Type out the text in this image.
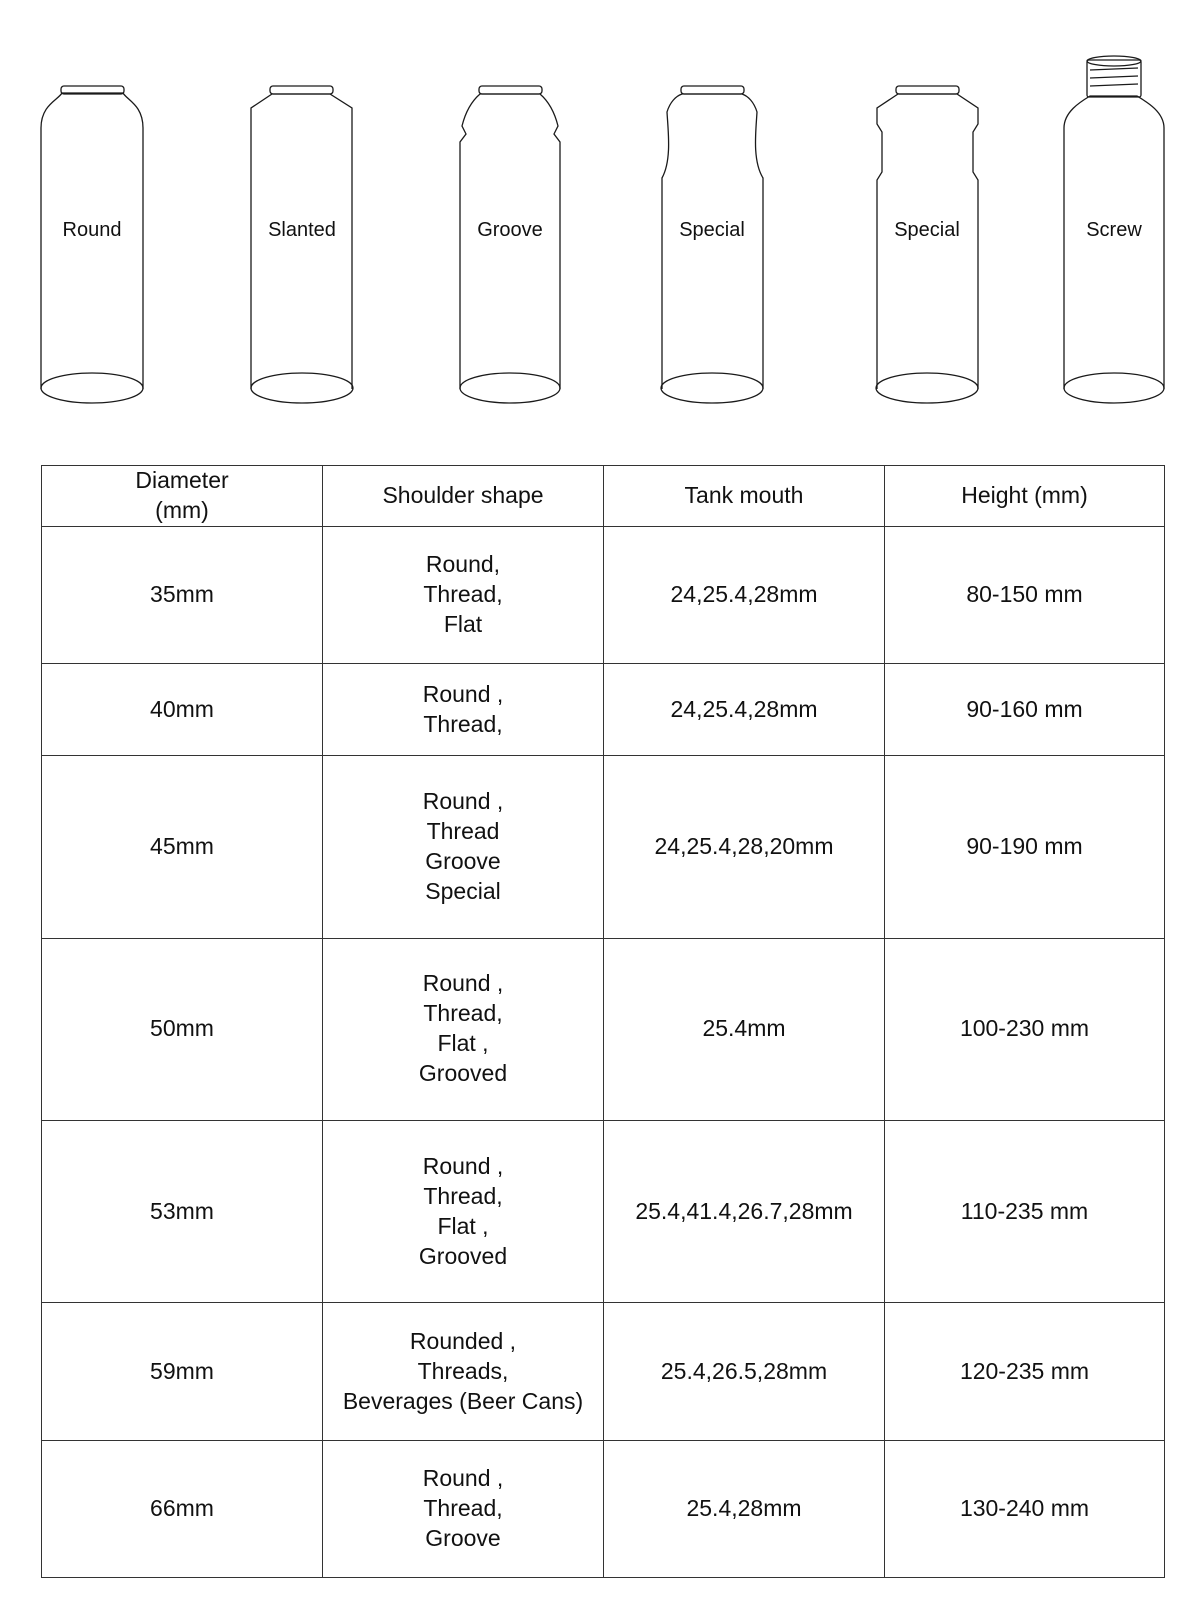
Round	Slanted	Groove	Special	Special	Screw
Diameter
(mm)	Shoulder shape	Tank mouth	Height (mm)
35mm	Round,
Thread,
Flat	24,25.4,28mm	80-150 mm
40mm	Round ,
Thread,	24,25.4,28mm	90-160 mm
45mm	Round ,
Thread
Groove
Special	24,25.4,28,20mm	90-190 mm
50mm	Round ,
Thread,
Flat ,
Grooved	25.4mm	100-230 mm
53mm	Round ,
Thread,
Flat ,
Grooved	25.4,41.4,26.7,28mm	110-235 mm
59mm	Rounded ,
Threads,
Beverages (Beer Cans)	25.4,26.5,28mm	120-235 mm
66mm	Round ,
Thread,
Groove	25.4,28mm	130-240 mm
